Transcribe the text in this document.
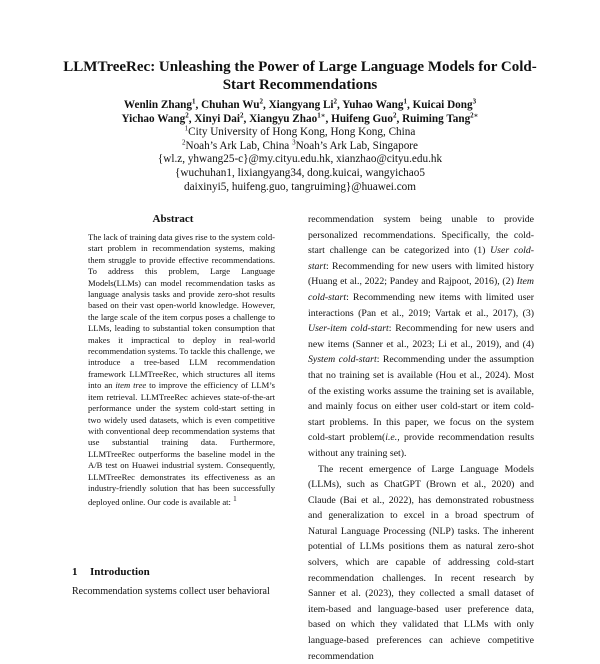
LLMTreeRec: Unleashing the Power of Large Language Models for Cold-Start Recommendations
Wenlin Zhang$^1$, Chuhan Wu$^2$, Xiangyang Li$^2$, Yuhao Wang$^1$, Kuicai Dong$^3$
Yichao Wang$^2$, Xinyi Dai$^2$, Xiangyu Zhao$^{1∗}$, Huifeng Guo$^2$, Ruiming Tang$^{2∗}$
$^1$City University of Hong Kong, Hong Kong, China
$^2$Noah’s Ark Lab, China $^3$Noah’s Ark Lab, Singapore
{wl.z, yhwang25-c}@my.cityu.edu.hk, xianzhao@cityu.edu.hk
{wuchuhan1, lixiangyang34, dong.kuicai, wangyichao5
daixinyi5, huifeng.guo, tangruiming}@huawei.com
Abstract
The lack of training data gives rise to the system cold-start problem in recommendation systems, making them struggle to provide effective recommendations. To address this problem, Large Language Models(LLMs) can model recommendation tasks as language analysis tasks and provide zero-shot results based on their vast open-world knowledge. However, the large scale of the item corpus poses a challenge to LLMs, leading to substantial token consumption that makes it impractical to deploy in real-world recommendation systems. To tackle this challenge, we introduce a tree-based LLM recommendation framework LLMTreeRec, which structures all items into an item tree to improve the efficiency of LLM’s item retrieval. LLMTreeRec achieves state-of-the-art performance under the system cold-start setting in two widely used datasets, which is even competitive with conventional deep recommendation systems that use substantial training data. Furthermore, LLMTreeRec outperforms the baseline model in the A/B test on Huawei industrial system. Consequently, LLMTreeRec demonstrates its effectiveness as an industry-friendly solution that has been successfully deployed online. Our code is available at: $^1$
1 Introduction
Recommendation systems collect user behavioral

recommendation system being unable to provide personalized recommendations. Specifically, the cold-start challenge can be categorized into (1) User cold-start: Recommending for new users with limited history (Huang et al., 2022; Pandey and Rajpoot, 2016), (2) Item cold-start: Recommending new items with limited user interactions (Pan et al., 2019; Vartak et al., 2017), (3) User-item cold-start: Recommending for new users and new items (Sanner et al., 2023; Li et al., 2019), and (4) System cold-start: Recommending under the assumption that no training set is available (Hou et al., 2024). Most of the existing works assume the training set is available, and mainly focus on either user cold-start or item cold-start problems. In this paper, we focus on the system cold-start problem(i.e., provide recommendation results without any training set).

The recent emergence of Large Language Models (LLMs), such as ChatGPT (Brown et al., 2020) and Claude (Bai et al., 2022), has demonstrated robustness and generalization to excel in a broad spectrum of Natural Language Processing (NLP) tasks. The inherent potential of LLMs positions them as natural zero-shot solvers, which are capable of addressing cold-start recommendation challenges. In recent research by Sanner et al. (2023), they collected a small dataset of item-based and language-based user preference data, based on which they validated that LLMs with only language-based preferences can achieve competitive recommendation
